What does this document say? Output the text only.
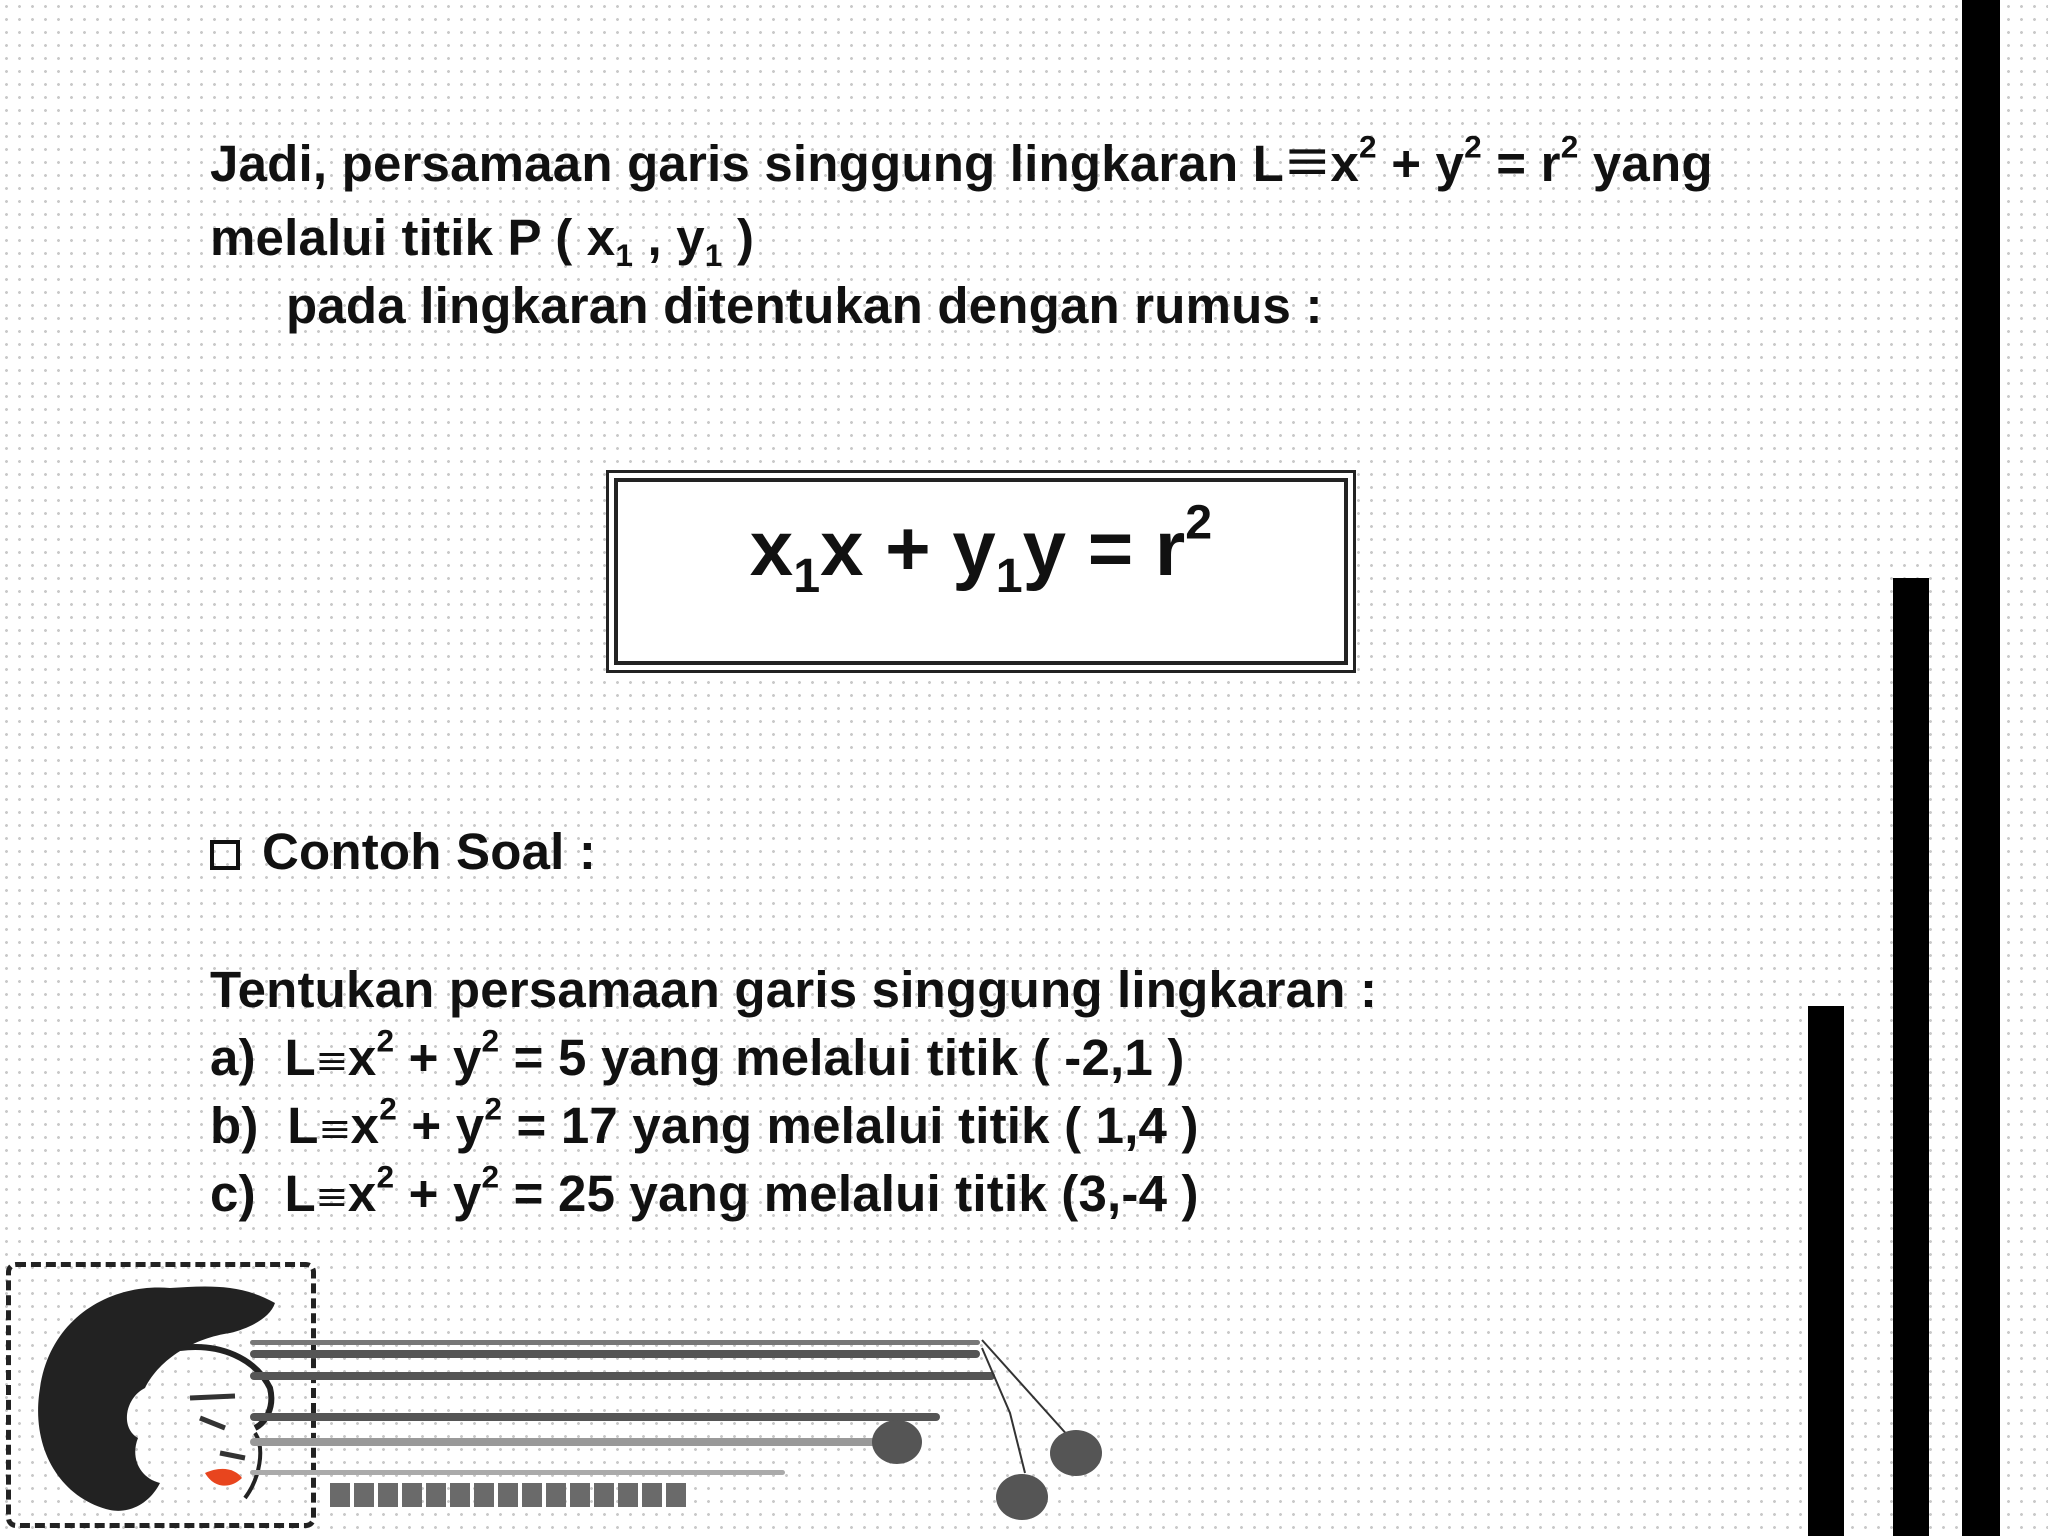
Jadi, persamaan garis singgung lingkaran $L\equiv x^2 + y^2 = r^2$ yang
melalui titik P ( $x_1$ , $y_1$ )
pada lingkaran ditentukan dengan rumus :
$x_1x + y_1y = r^2$
Contoh Soal :
Tentukan persamaan garis singgung lingkaran :
a) $L\equiv x^2 + y^2 = 5$ yang melalui titik ( -2,1 )
b) $L\equiv x^2 + y^2 = 17$ yang melalui titik ( 1,4 )
c) $L\equiv x^2 + y^2 = 25$ yang melalui titik (3,-4 )
